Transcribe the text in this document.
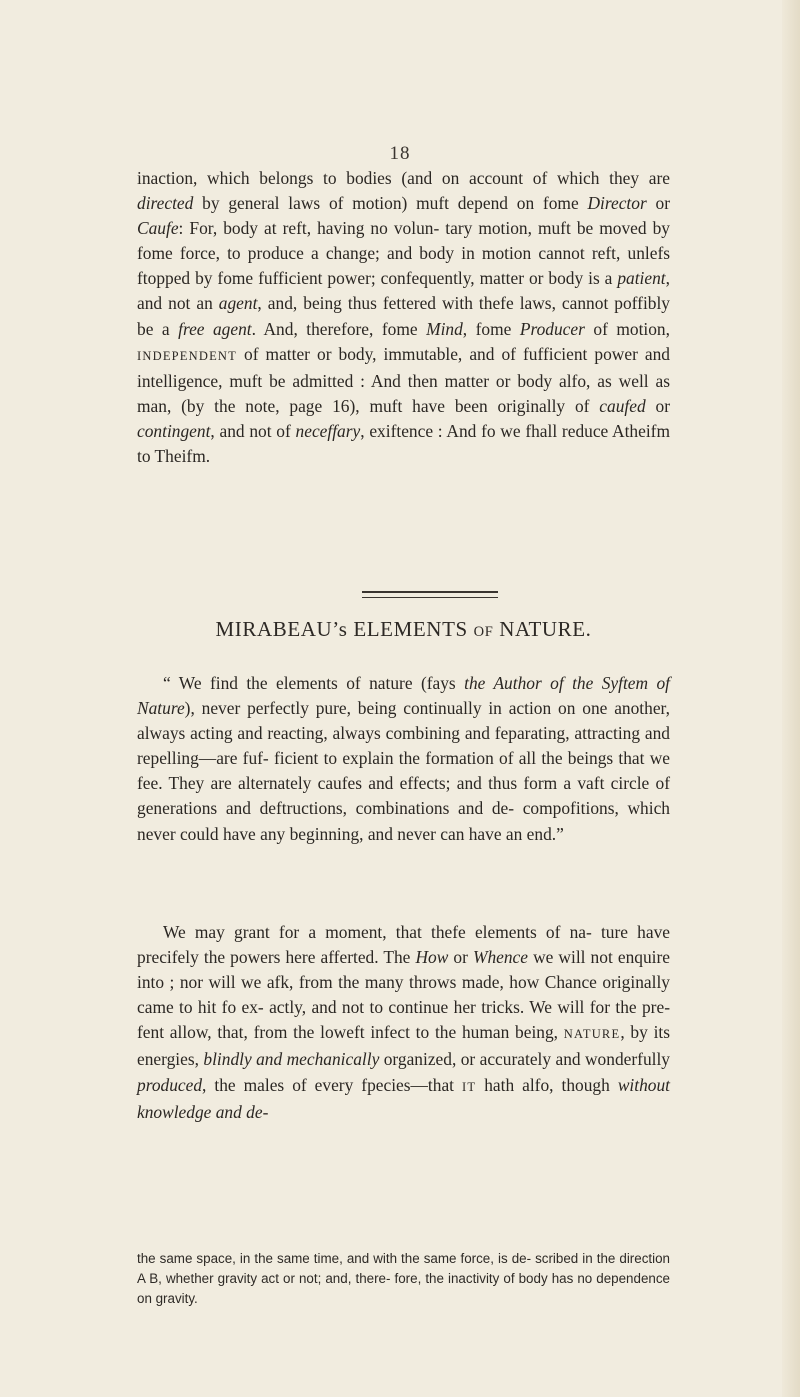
18
inaction, which belongs to bodies (and on account of which they are directed by general laws of motion) muft depend on fome Director or Caufe: For, body at reft, having no volun- tary motion, muft be moved by fome force, to produce a change; and body in motion cannot reft, unlefs ftopped by fome fufficient power; confequently, matter or body is a patient, and not an agent, and, being thus fettered with thefe laws, cannot poffibly be a free agent. And, therefore, fome Mind, fome Producer of motion, INDEPENDENT of matter or body, immutable, and of fufficient power and intelligence, muft be admitted : And then matter or body alfo, as well as man, (by the note, page 16), muft have been originally of caufed or contingent, and not of neceffary, exiftence : And fo we fhall reduce Atheifm to Theifm.
MIRABEAU’s ELEMENTS OF NATURE.
“ We find the elements of nature (fays the Author of the Syftem of Nature), never perfectly pure, being continually in action on one another, always acting and reacting, always combining and feparating, attracting and repelling—are fuf- ficient to explain the formation of all the beings that we fee. They are alternately caufes and effects; and thus form a vaft circle of generations and deftructions, combinations and de- compofitions, which never could have any beginning, and never can have an end.”
We may grant for a moment, that thefe elements of na- ture have precifely the powers here afferted. The How or Whence we will not enquire into ; nor will we afk, from the many throws made, how Chance originally came to hit fo ex- actly, and not to continue her tricks. We will for the pre- fent allow, that, from the loweft infect to the human being, NATURE, by its energies, blindly and mechanically organized, or accurately and wonderfully produced, the males of every fpecies—that IT hath alfo, though without knowledge and de-
the same space, in the same time, and with the same force, is de- scribed in the direction A B, whether gravity act or not; and, there- fore, the inactivity of body has no dependence on gravity.
